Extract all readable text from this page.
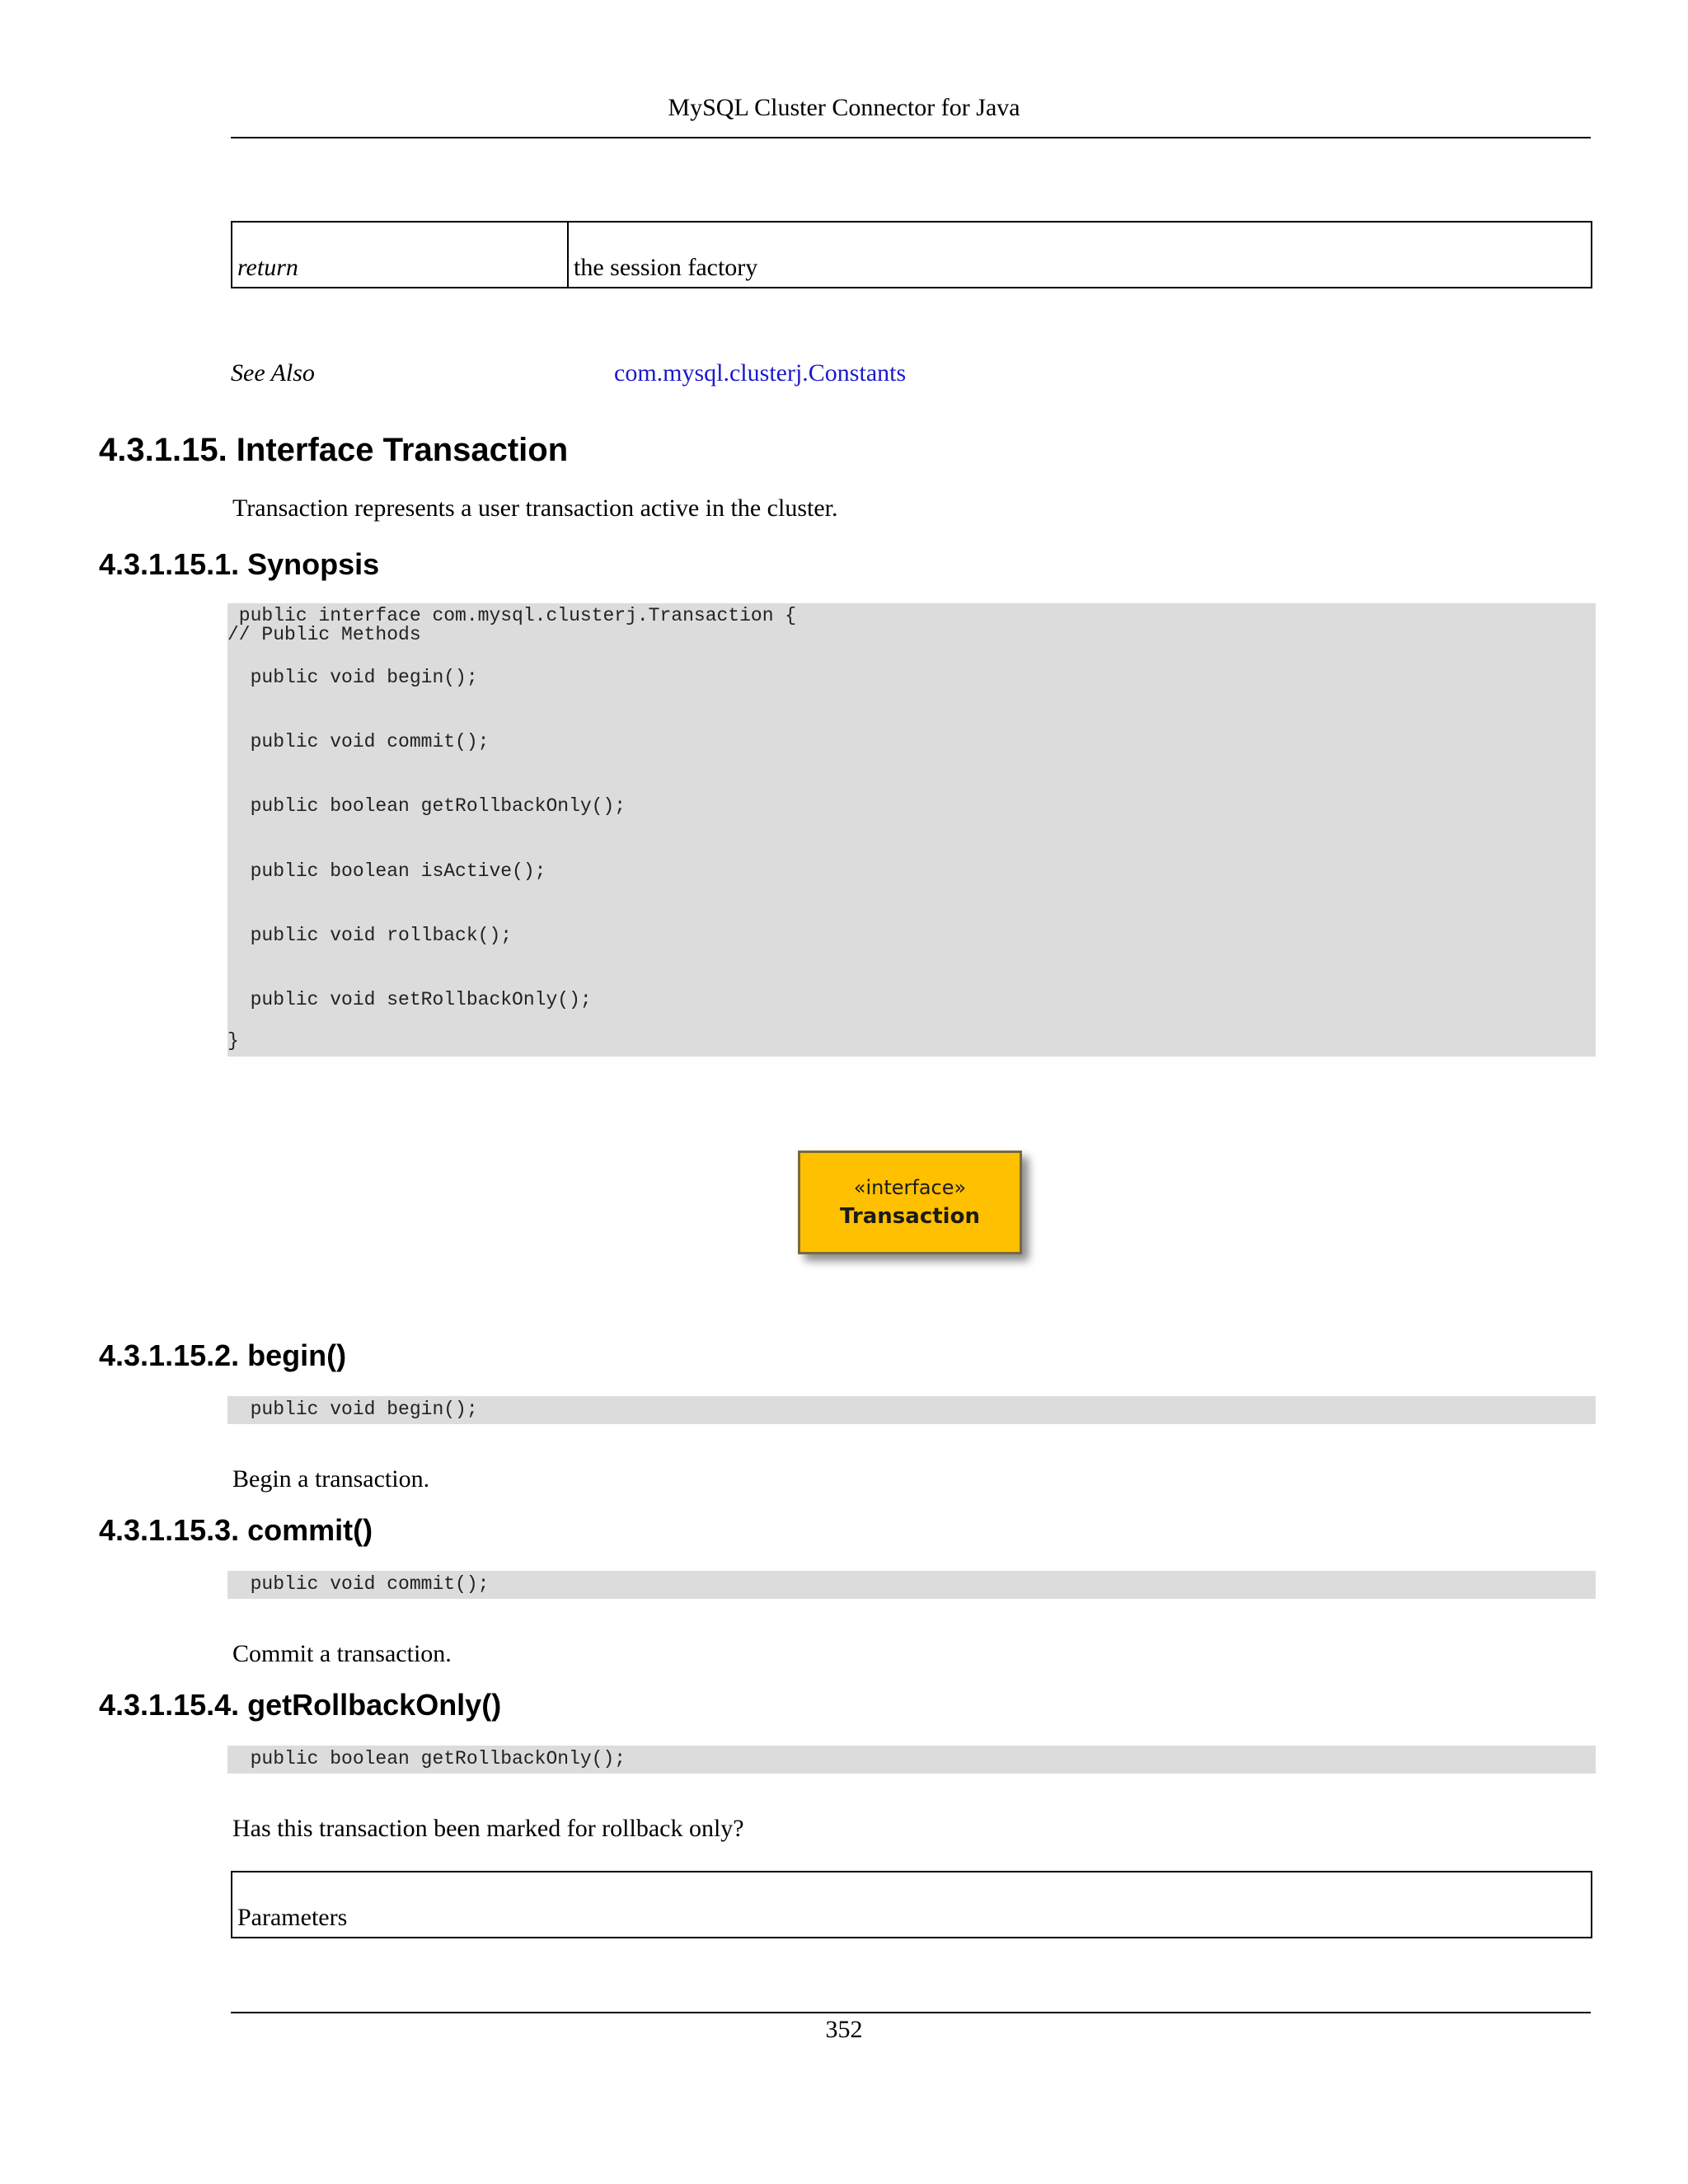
MySQL Cluster Connector for Java
return	the session factory
See Also	com.mysql.clusterj.Constants
4.3.1.15. Interface Transaction
Transaction represents a user transaction active in the cluster.
4.3.1.15.1. Synopsis

public interface com.mysql.clusterj.Transaction {

// Public Methods

public void begin();

public void commit();

public boolean getRollbackOnly();

public boolean isActive();

public void rollback();

public void setRollbackOnly();

}

«interface»
Transaction
4.3.1.15.2. begin()

public void begin();

Begin a transaction.
4.3.1.15.3. commit()

public void commit();

Commit a transaction.
4.3.1.15.4. getRollbackOnly()

public boolean getRollbackOnly();

Has this transaction been marked for rollback only?
Parameters
352
